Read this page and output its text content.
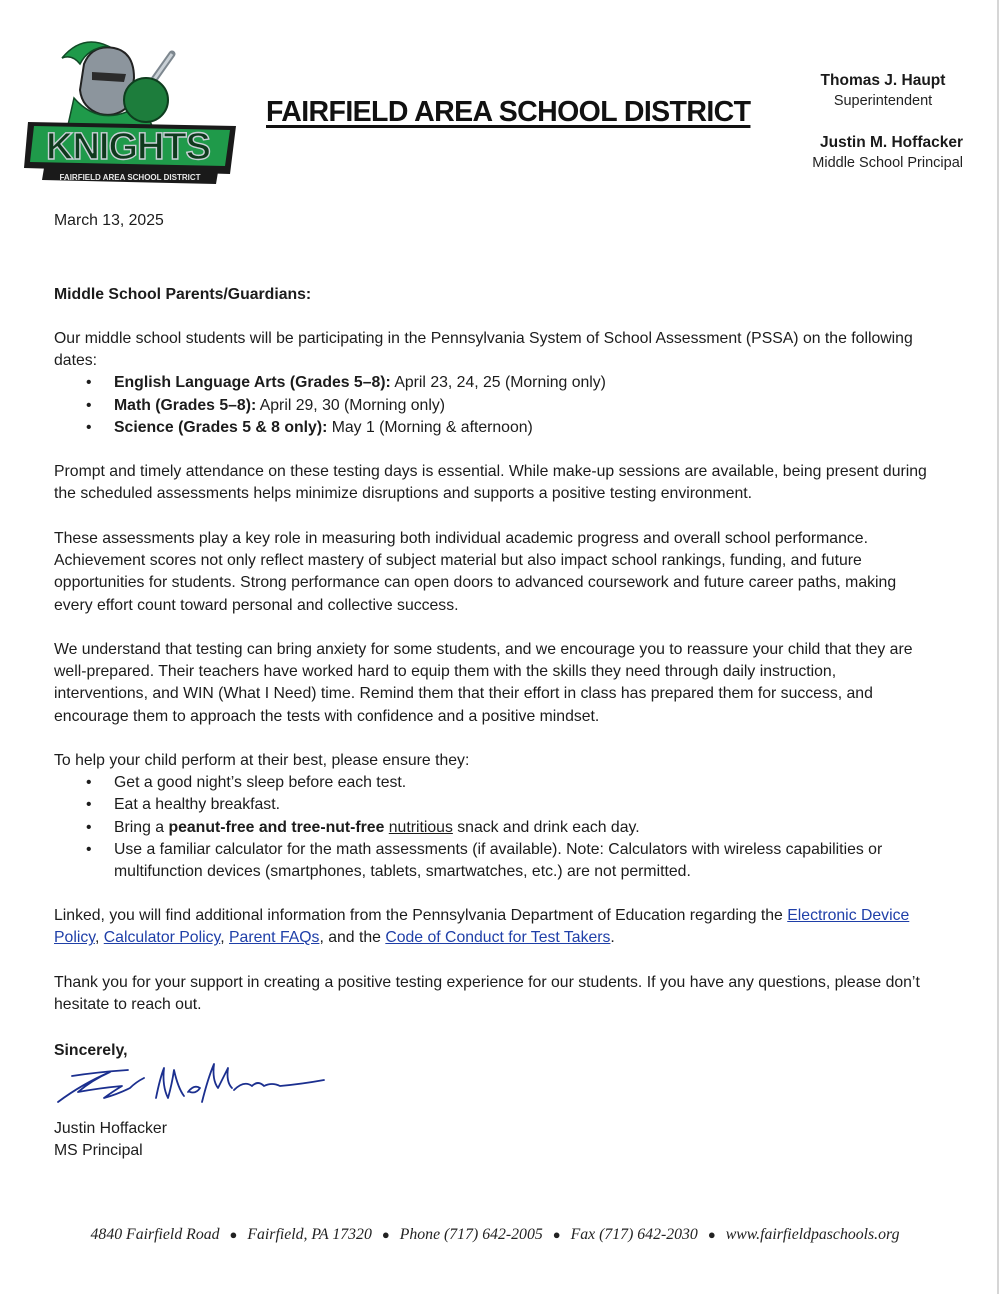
KNIGHTS
FAIRFIELD AREA SCHOOL DISTRICT
FAIRFIELD AREA SCHOOL DISTRICT
Thomas J. Haupt
Superintendent
Justin M. Hoffacker
Middle School Principal
March 13, 2025
Middle School Parents/Guardians:
Our middle school students will be participating in the Pennsylvania System of School Assessment (PSSA) on the following dates:
• English Language Arts (Grades 5–8): April 23, 24, 25 (Morning only)
• Math (Grades 5–8): April 29, 30 (Morning only)
• Science (Grades 5 & 8 only): May 1 (Morning & afternoon)
Prompt and timely attendance on these testing days is essential. While make-up sessions are available, being present during the scheduled assessments helps minimize disruptions and supports a positive testing environment.
These assessments play a key role in measuring both individual academic progress and overall school performance. Achievement scores not only reflect mastery of subject material but also impact school rankings, funding, and future opportunities for students. Strong performance can open doors to advanced coursework and future career paths, making every effort count toward personal and collective success.
We understand that testing can bring anxiety for some students, and we encourage you to reassure your child that they are well-prepared. Their teachers have worked hard to equip them with the skills they need through daily instruction, interventions, and WIN (What I Need) time. Remind them that their effort in class has prepared them for success, and encourage them to approach the tests with confidence and a positive mindset.
To help your child perform at their best, please ensure they:
• Get a good night’s sleep before each test.
• Eat a healthy breakfast.
• Bring a peanut-free and tree-nut-free nutritious snack and drink each day.
• Use a familiar calculator for the math assessments (if available). Note: Calculators with wireless capabilities or multifunction devices (smartphones, tablets, smartwatches, etc.) are not permitted.
Linked, you will find additional information from the Pennsylvania Department of Education regarding the Electronic Device Policy, Calculator Policy, Parent FAQs, and the Code of Conduct for Test Takers.
Thank you for your support in creating a positive testing experience for our students. If you have any questions, please don’t hesitate to reach out.
Sincerely,
Justin Hoffacker
MS Principal
4840 Fairfield Road ● Fairfield, PA 17320 ● Phone (717) 642-2005 ● Fax (717) 642-2030 ● www.fairfieldpaschools.org
